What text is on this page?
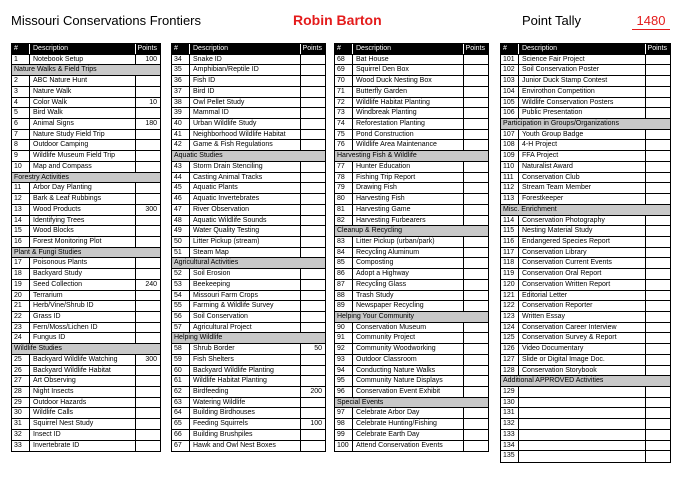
Missouri Conservations Frontiers	Robin Barton	Point Tally	1480
#	Description	Points
1	Notebook Setup	100
Nature Walks & Field Trips
2	ABC Nature Hunt
3	Nature Walk
4	Color Walk	10
5	Bird Walk
6	Animal Signs	180
7	Nature Study Field Trip
8	Outdoor Camping
9	Wildlife Museum Field Trip
10	Map and Compass
Forestry Activities
11	Arbor Day Planting
12	Bark & Leaf Rubbings
13	Wood Products	300
14	Identifying Trees
15	Wood Blocks
16	Forest Monitoring Plot
Plant & Fungi Studies
17	Poisonous Plants
18	Backyard Study
19	Seed Collection	240
20	Terrarium
21	Herb/Vine/Shrub ID
22	Grass ID
23	Fern/Moss/Lichen ID
24	Fungus ID
Wildlife Studies
25	Backyard Wildlife Watching	300
26	Backyard Wildlife Habitat
27	Art Observing
28	Night Insects
29	Outdoor Hazards
30	Wildlife Calls
31	Squirrel Nest Study
32	Insect ID
33	Invertebrate ID
#	Description	Points
34	Snake ID
35	Amphibian/Reptile ID
36	Fish ID
37	Bird ID
38	Owl Pellet Study
39	Mammal ID
40	Urban Wildlife Study
41	Neighborhood Wildlife Habitat
42	Game & Fish Regulations
Aquatic Studies
43	Storm Drain Stenciling
44	Casting Animal Tracks
45	Aquatic Plants
46	Aquatic Invertebrates
47	River Observation
48	Aquatic Wildlife Sounds
49	Water Quality Testing
50	Litter Pickup (stream)
51	Steam Map
Agricultural Activities
52	Soil Erosion
53	Beekeeping
54	Missouri Farm Crops
55	Farming & Wildlife Survey
56	Soil Conservation
57	Agricultural Project
Helping Wildlife
58	Shrub Border	50
59	Fish Shelters
60	Backyard Wildlife Planting
61	Wildlife Habitat Planting
62	Birdfeeding	200
63	Watering Wildlife
64	Building Birdhouses
65	Feeding Squirrels	100
66	Building Brushpiles
67	Hawk and Owl Nest Boxes
#	Description	Points
68	Bat House
69	Squirrel Den Box
70	Wood Duck Nesting Box
71	Butterfly Garden
72	Wildlife Habitat Planting
73	Windbreak Planting
74	Reforestation Planting
75	Pond Construction
76	Wildlife Area Maintenance
Harvesting Fish & Wildlife
77	Hunter Education
78	Fishing Trip Report
79	Drawing Fish
80	Harvesting Fish
81	Harvesting Game
82	Harvesting Furbearers
Cleanup & Recycling
83	Litter Pickup (urban/park)
84	Recycling Aluminum
85	Composting
86	Adopt a Highway
87	Recycling Glass
88	Trash Study
89	Newspaper Recycling
Helping Your Community
90	Conservation Museum
91	Community Project
92	Community Woodworking
93	Outdoor Classroom
94	Conducting Nature Walks
95	Community Nature Displays
96	Conservation Event Exhibit
Special Events
97	Celebrate Arbor Day
98	Celebrate Hunting/Fishing
99	Celebrate Earth Day
100	Attend Conservation Events
#	Description	Points
101	Science Fair Project
102	Soil Conservation Poster
103	Junior Duck Stamp Contest
104	Envirothon Competition
105	Wildlife Conservation Posters
106	Public Presentation
Participation in Groups/Organizations
107	Youth Group Badge
108	4-H Project
109	FFA Project
110	Naturalist Award
111	Conservation Club
112	Stream Team Member
113	Forestkeeper
Misc. Enrichment
114	Conservation Photography
115	Nesting Material Study
116	Endangered Species Report
117	Conservation Library
118	Conservation Current Events
119	Conservation Oral Report
120	Conservation Written Report
121	Editorial Letter
122	Conservation Reporter
123	Written Essay
124	Conservation Career Interview
125	Conservation Survey & Report
126	Video Documentary
127	Slide or Digital Image Doc.
128	Conservation Storybook
Additional APPROVED Activities
129
130
131
132
133
134
135
